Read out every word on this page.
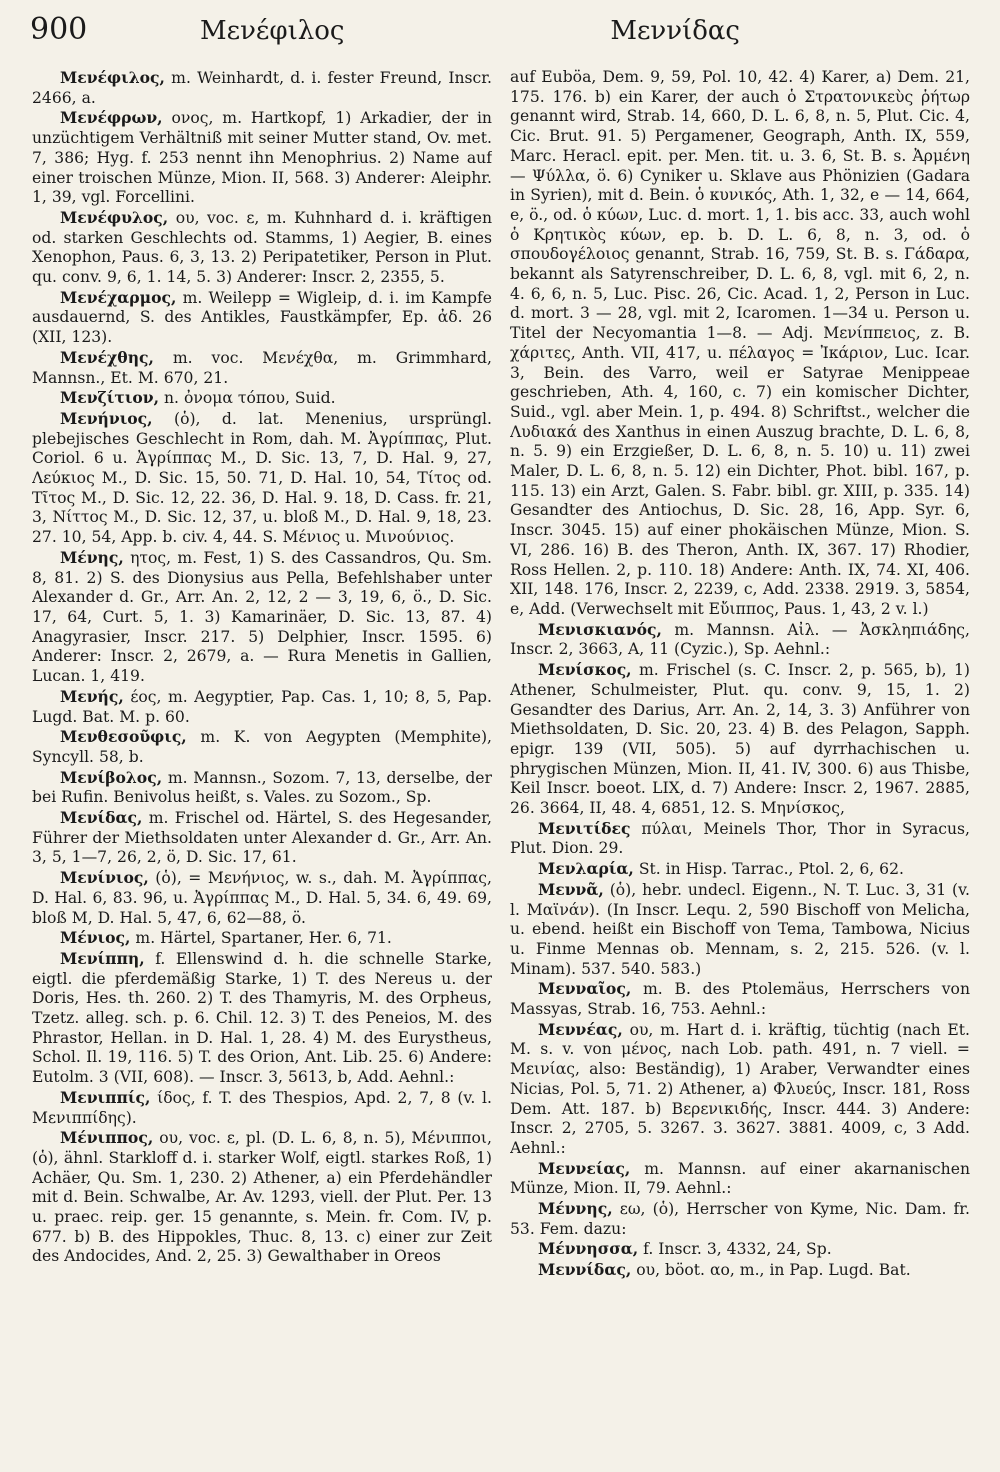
900	Μενέφιλος	Μεννίδας

Μενέφιλος, m. Weinhardt, d. i. fester Freund, Inscr. 2466, a.

Μενέφρων, ονος, m. Hartkopf, 1) Arkadier, der in unzüchtigem Verhältniß mit seiner Mutter stand, Ov. met. 7, 386; Hyg. f. 253 nennt ihn Menophrius. 2) Name auf einer troischen Münze, Mion. II, 568. 3) Anderer: Aleiphr. 1, 39, vgl. Forcellini.

Μενέφυλος, ου, voc. ε, m. Kuhnhard d. i. kräftigen od. starken Geschlechts od. Stamms, 1) Aegier, B. eines Xenophon, Paus. 6, 3, 13. 2) Peripatetiker, Person in Plut. qu. conv. 9, 6, 1. 14, 5. 3) Anderer: Inscr. 2, 2355, 5.

Μενέχαρμος, m. Weilepp = Wigleip, d. i. im Kampfe ausdauernd, S. des Antikles, Faustkämpfer, Ep. ἀδ. 26 (XII, 123).

Μενέχθης, m. voc. Μενέχθα, m. Grimmhard, Mannsn., Et. M. 670, 21.

Μενζίτιον, n. ὀνομα τόπου, Suid.

Μενήνιος, (ὁ), d. lat. Menenius, ursprüngl. plebejisches Geschlecht in Rom, dah. Μ. Ἀγρίππας, Plut. Coriol. 6 u. Ἀγρίππας Μ., D. Sic. 13, 7, D. Hal. 9, 27, Λεύκιος Μ., D. Sic. 15, 50. 71, D. Hal. 10, 54, Τίτος od. Τῖτος Μ., D. Sic. 12, 22. 36, D. Hal. 9. 18, D. Cass. fr. 21, 3, Νίττος Μ., D. Sic. 12, 37, u. bloß Μ., D. Hal. 9, 18, 23. 27. 10, 54, App. b. civ. 4, 44. S. Μένιος u. Μινούνιος.

Μένης, ητος, m. Fest, 1) S. des Cassandros, Qu. Sm. 8, 81. 2) S. des Dionysius aus Pella, Befehlshaber unter Alexander d. Gr., Arr. An. 2, 12, 2 — 3, 19, 6, ö., D. Sic. 17, 64, Curt. 5, 1. 3) Kamarinäer, D. Sic. 13, 87. 4) Anagyrasier, Inscr. 217. 5) Delphier, Inscr. 1595. 6) Anderer: Inscr. 2, 2679, a. — Rura Menetis in Gallien, Lucan. 1, 419.

Μενής, έος, m. Aegyptier, Pap. Cas. 1, 10; 8, 5, Pap. Lugd. Bat. M. p. 60.

Μενθεσοῦφις, m. K. von Aegypten (Memphite), Syncyll. 58, b.

Μενίβολος, m. Mannsn., Sozom. 7, 13, derselbe, der bei Rufin. Benivolus heißt, s. Vales. zu Sozom., Sp.

Μενίδας, m. Frischel od. Härtel, S. des Hegesander, Führer der Miethsoldaten unter Alexander d. Gr., Arr. An. 3, 5, 1—7, 26, 2, ö, D. Sic. 17, 61.

Μενίνιος, (ὁ), = Μενήνιος, w. s., dah. Μ. Ἀγρίππας, D. Hal. 6, 83. 96, u. Ἀγρίππας Μ., D. Hal. 5, 34. 6, 49. 69, bloß Μ, D. Hal. 5, 47, 6, 62—88, ö.

Μένιος, m. Härtel, Spartaner, Her. 6, 71.

Μενίππη, f. Ellenswind d. h. die schnelle Starke, eigtl. die pferdemäßig Starke, 1) T. des Nereus u. der Doris, Hes. th. 260. 2) T. des Thamyris, M. des Orpheus, Tzetz. alleg. sch. p. 6. Chil. 12. 3) T. des Peneios, M. des Phrastor, Hellan. in D. Hal. 1, 28. 4) M. des Eurystheus, Schol. Il. 19, 116. 5) T. des Orion, Ant. Lib. 25. 6) Andere: Eutolm. 3 (VII, 608). — Inscr. 3, 5613, b, Add. Aehnl.:

Μενιππίς, ίδος, f. T. des Thespios, Apd. 2, 7, 8 (v. l. Μενιππίδης).

Μένιππος, ου, voc. ε, pl. (D. L. 6, 8, n. 5), Μένιπποι, (ὁ), ähnl. Starkloff d. i. starker Wolf, eigtl. starkes Roß, 1) Achäer, Qu. Sm. 1, 230. 2) Athener, a) ein Pferdehändler mit d. Bein. Schwalbe, Ar. Av. 1293, viell. der Plut. Per. 13 u. praec. reip. ger. 15 genannte, s. Mein. fr. Com. IV, p. 677. b) B. des Hippokles, Thuc. 8, 13. c) einer zur Zeit des Andocides, And. 2, 25. 3) Gewalthaber in Oreos

auf Euböa, Dem. 9, 59, Pol. 10, 42. 4) Karer, a) Dem. 21, 175. 176. b) ein Karer, der auch ὁ Στρατονικεὺς ῥήτωρ genannt wird, Strab. 14, 660, D. L. 6, 8, n. 5, Plut. Cic. 4, Cic. Brut. 91. 5) Pergamener, Geograph, Anth. IX, 559, Marc. Heracl. epit. per. Men. tit. u. 3. 6, St. B. s. Ἀρμένη — Ψύλλα, ö. 6) Cyniker u. Sklave aus Phönizien (Gadara in Syrien), mit d. Bein. ὁ κυνικός, Ath. 1, 32, e — 14, 664, e, ö., od. ὁ κύων, Luc. d. mort. 1, 1. bis acc. 33, auch wohl ὁ Κρητικὸς κύων, ep. b. D. L. 6, 8, n. 3, od. ὁ σπουδογέλοιος genannt, Strab. 16, 759, St. B. s. Γάδαρα, bekannt als Satyrenschreiber, D. L. 6, 8, vgl. mit 6, 2, n. 4. 6, 6, n. 5, Luc. Pisc. 26, Cic. Acad. 1, 2, Person in Luc. d. mort. 3 — 28, vgl. mit 2, Icaromen. 1—34 u. Person u. Titel der Necyomantia 1—8. — Adj. Μενίππειος, z. B. χάριτες, Anth. VII, 417, u. πέλαγος = Ἰκάριον, Luc. Icar. 3, Bein. des Varro, weil er Satyrae Menippeae geschrieben, Ath. 4, 160, c. 7) ein komischer Dichter, Suid., vgl. aber Mein. 1, p. 494. 8) Schriftst., welcher die Λυδιακά des Xanthus in einen Auszug brachte, D. L. 6, 8, n. 5. 9) ein Erzgießer, D. L. 6, 8, n. 5. 10) u. 11) zwei Maler, D. L. 6, 8, n. 5. 12) ein Dichter, Phot. bibl. 167, p. 115. 13) ein Arzt, Galen. S. Fabr. bibl. gr. XIII, p. 335. 14) Gesandter des Antiochus, D. Sic. 28, 16, App. Syr. 6, Inscr. 3045. 15) auf einer phokäischen Münze, Mion. S. VI, 286. 16) B. des Theron, Anth. IX, 367. 17) Rhodier, Ross Hellen. 2, p. 110. 18) Andere: Anth. IX, 74. XI, 406. XII, 148. 176, Inscr. 2, 2239, c, Add. 2338. 2919. 3, 5854, e, Add. (Verwechselt mit Εὔιππος, Paus. 1, 43, 2 v. l.)

Μενισκιανός, m. Mannsn. Αἰλ. — Ἀσκληπιάδης, Inscr. 2, 3663, A, 11 (Cyzic.), Sp. Aehnl.:

Μενίσκος, m. Frischel (s. C. Inscr. 2, p. 565, b), 1) Athener, Schulmeister, Plut. qu. conv. 9, 15, 1. 2) Gesandter des Darius, Arr. An. 2, 14, 3. 3) Anführer von Miethsoldaten, D. Sic. 20, 23. 4) B. des Pelagon, Sapph. epigr. 139 (VII, 505). 5) auf dyrrhachischen u. phrygischen Münzen, Mion. II, 41. IV, 300. 6) aus Thisbe, Keil Inscr. boeot. LIX, d. 7) Andere: Inscr. 2, 1967. 2885, 26. 3664, II, 48. 4, 6851, 12. S. Μηνίσκος,

Μενιτίδες πύλαι, Meinels Thor, Thor in Syracus, Plut. Dion. 29.

Μενλαρία, St. in Hisp. Tarrac., Ptol. 2, 6, 62.

Μεννᾶ, (ὁ), hebr. undecl. Eigenn., N. T. Luc. 3, 31 (v. l. Μαϊνάν). (In Inscr. Lequ. 2, 590 Bischoff von Melicha, u. ebend. heißt ein Bischoff von Tema, Tambowa, Nicius u. Finme Mennas ob. Mennam, s. 2, 215. 526. (v. l. Minam). 537. 540. 583.)

Μενναῖος, m. B. des Ptolemäus, Herrschers von Massyas, Strab. 16, 753. Aehnl.:

Μεννέας, ου, m. Hart d. i. kräftig, tüchtig (nach Et. M. s. v. von μένος, nach Lob. path. 491, n. 7 viell. = Μεινίας, also: Beständig), 1) Araber, Verwandter eines Nicias, Pol. 5, 71. 2) Athener, a) Φλυεύς, Inscr. 181, Ross Dem. Att. 187. b) Βερενικιδής, Inscr. 444. 3) Andere: Inscr. 2, 2705, 5. 3267. 3. 3627. 3881. 4009, c, 3 Add. Aehnl.:

Μεννείας, m. Mannsn. auf einer akarnanischen Münze, Mion. II, 79. Aehnl.:

Μέννης, εω, (ὁ), Herrscher von Kyme, Nic. Dam. fr. 53. Fem. dazu:

Μέννησσα, f. Inscr. 3, 4332, 24, Sp.

Μεννίδας, ου, böot. αο, m., in Pap. Lugd. Bat.
